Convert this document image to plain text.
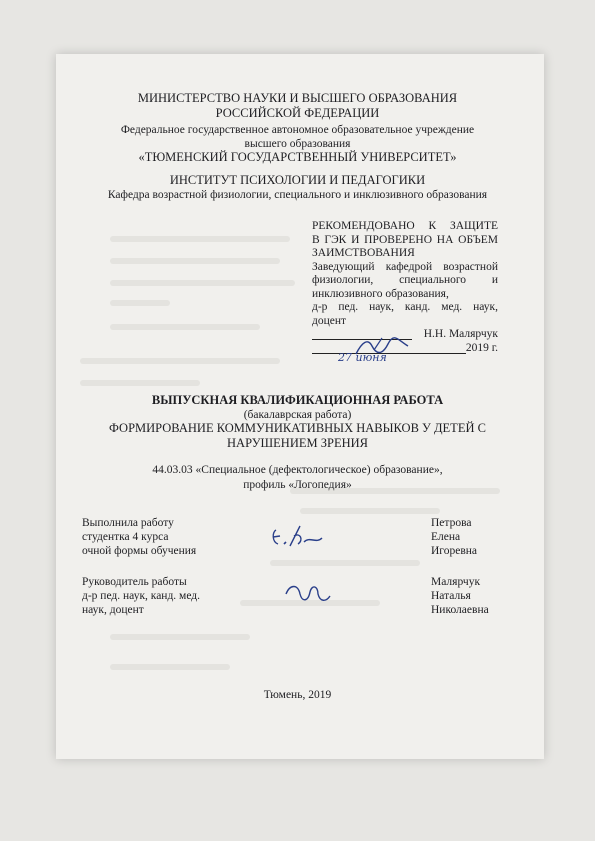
МИНИСТЕРСТВО НАУКИ И ВЫСШЕГО ОБРАЗОВАНИЯ
РОССИЙСКОЙ ФЕДЕРАЦИИ
Федеральное государственное автономное образовательное учреждение
высшего образования
«ТЮМЕНСКИЙ ГОСУДАРСТВЕННЫЙ УНИВЕРСИТЕТ»
ИНСТИТУТ ПСИХОЛОГИИ И ПЕДАГОГИКИ
Кафедра возрастной физиологии, специального и инклюзивного образования
РЕКОМЕНДОВАНО К ЗАЩИТЕ
В ГЭК И ПРОВЕРЕНО НА ОБЪЕМ
ЗАИМСТВОВАНИЯ
Заведующий кафедрой возрастной
физиологии, специального и
инклюзивного образования,
д-р пед. наук, канд. мед. наук,
доцент
Н.Н. Малярчук
2019 г.
27 июня
ВЫПУСКНАЯ КВАЛИФИКАЦИОННАЯ РАБОТА
(бакалаврская работа)
ФОРМИРОВАНИЕ КОММУНИКАТИВНЫХ НАВЫКОВ У ДЕТЕЙ С
НАРУШЕНИЕМ ЗРЕНИЯ
44.03.03 «Специальное (дефектологическое) образование»,
профиль «Логопедия»
Выполнила работу
студентка 4 курса
очной формы обучения
Петрова
Елена
Игоревна
Руководитель работы
д-р пед. наук, канд. мед.
наук, доцент
Малярчук
Наталья
Николаевна
Тюмень, 2019
